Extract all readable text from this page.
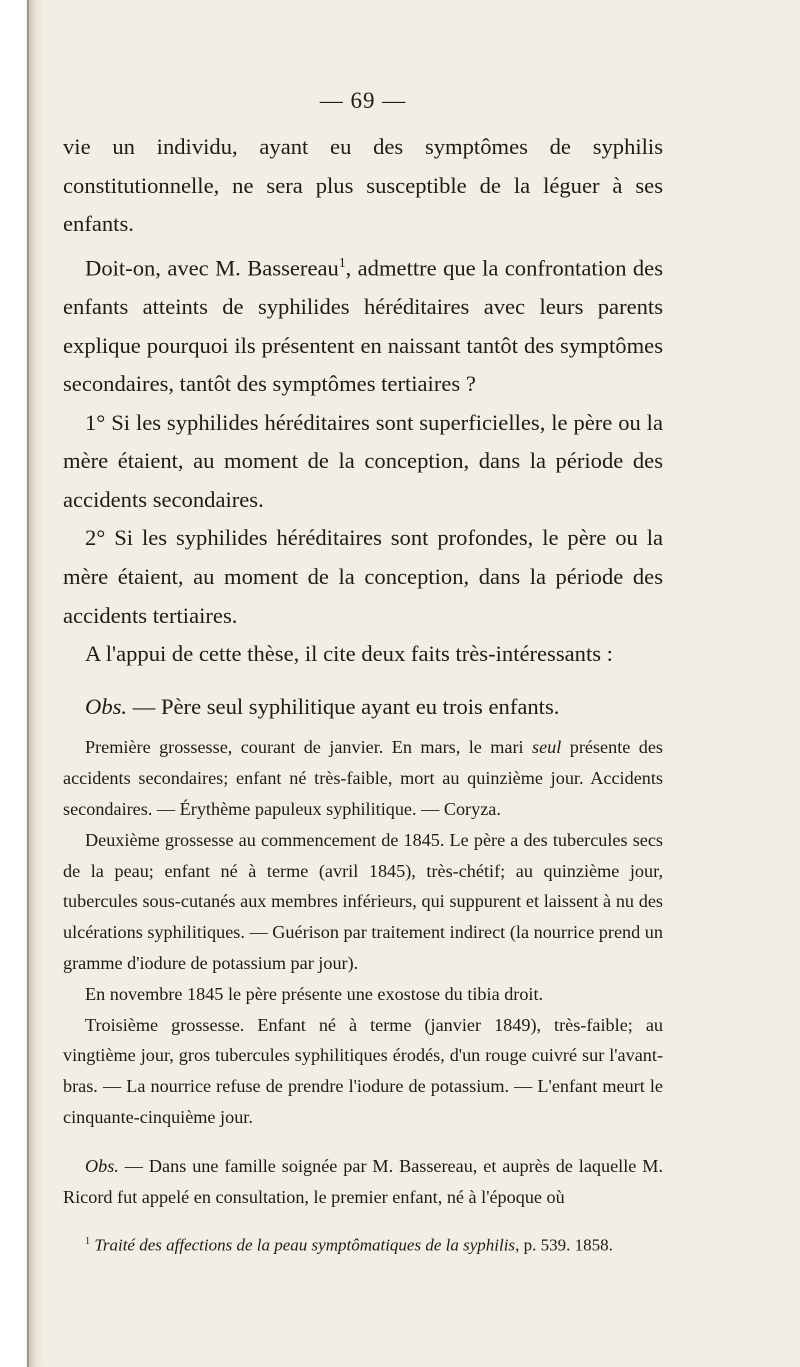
— 69 —

vie un individu, ayant eu des symptômes de syphilis constitutionnelle, ne sera plus susceptible de la léguer à ses enfants.

Doit-on, avec M. Bassereau$^1$, admettre que la confrontation des enfants atteints de syphilides héréditaires avec leurs parents explique pourquoi ils présentent en naissant tantôt des symptômes secondaires, tantôt des symptômes tertiaires ?

1° Si les syphilides héréditaires sont superficielles, le père ou la mère étaient, au moment de la conception, dans la période des accidents secondaires.

2° Si les syphilides héréditaires sont profondes, le père ou la mère étaient, au moment de la conception, dans la période des accidents tertiaires.

A l'appui de cette thèse, il cite deux faits très-intéressants :

Obs. — Père seul syphilitique ayant eu trois enfants.

Première grossesse, courant de janvier. En mars, le mari seul présente des accidents secondaires; enfant né très-faible, mort au quinzième jour. Accidents secondaires. — Érythème papuleux syphilitique. — Coryza.

Deuxième grossesse au commencement de 1845. Le père a des tubercules secs de la peau; enfant né à terme (avril 1845), très-chétif; au quinzième jour, tubercules sous-cutanés aux membres inférieurs, qui suppurent et laissent à nu des ulcérations syphilitiques. — Guérison par traitement indirect (la nourrice prend un gramme d'iodure de potassium par jour).

En novembre 1845 le père présente une exostose du tibia droit.

Troisième grossesse. Enfant né à terme (janvier 1849), très-faible; au vingtième jour, gros tubercules syphilitiques érodés, d'un rouge cuivré sur l'avant-bras. — La nourrice refuse de prendre l'iodure de potassium. — L'enfant meurt le cinquante-cinquième jour.

Obs. — Dans une famille soignée par M. Bassereau, et auprès de laquelle M. Ricord fut appelé en consultation, le premier enfant, né à l'époque où

$^1$ Traité des affections de la peau symptômatiques de la syphilis, p. 539. 1858.
